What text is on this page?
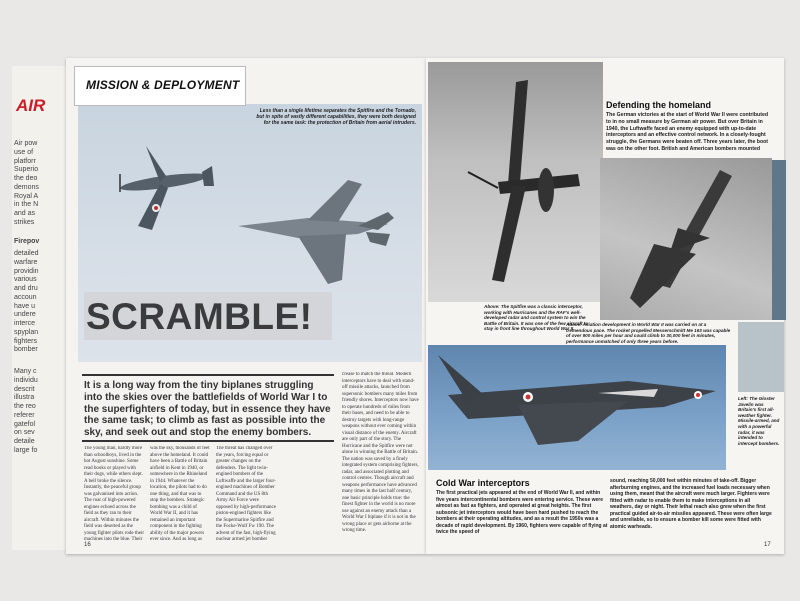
AIR
Air pow
use of
platforr
Superio
the deo
demons
Royal A
in the N
and as
strikes
Firepov
detailed
warfare
providin
various
and dru
accoun
have u
undere
interce
spyplan
fighters
bomber
Many c
individu
descrit
illustra
the reo
referer
gatefol
on sev
detaile
large fo
Less than a single lifetime separates the Spitfire and the Tornado, but in spite of vastly different capabilities, they were both designed for the same task: the protection of Britain from aerial intruders.
MISSION & DEPLOYMENT
SCRAMBLE!
It is a long way from the tiny biplanes struggling into the skies over the battlefields of World War I to the superfighters of today, but in essence they have the same task; to climb as fast as possible into the sky, and seek out and stop the enemy bombers.
The young man, hardly more than schoolboys, lived in the hot August sunshine. Some read books or played with their dogs, while others slept. A bell broke the silence. Instantly, the peaceful group was galvanised into action. The roar of high-powered engines echoed across the field as they ran to their aircraft. Within minutes the field was deserted as the young fighter pilots rode their machines into the blue. Their
was the sky, thousands of feet above the homeland. It could have been a Battle of Britain airfield in Kent in 1940, or somewhere in the Rhineland in 1944. Whatever the location, the pilots had to do one thing, and that was to stop the bombers. Strategic bombing was a child of World War II, and it has remained an important component in the fighting ability of the major powers ever since. And as long as
The threat has changed over the years, forcing equal or greater changes on the defenders. The light twin-engined bombers of the Luftwaffe and the larger four-engined machines of Bomber Command and the US 8th Army Air Force were opposed by high-performance piston-engined fighters like the Supermarine Spitfire and the Focke-Wulf Fw 190. The advent of the fast, high-flying nuclear armed jet bomber
crease to match the threat. Modern interceptors have to deal with stand-off missile attacks, launched from supersonic bombers many miles from friendly shores. Interceptors now have to operate hundreds of miles from their bases, and need to be able to destroy targets with long-range weapons without ever coming within visual distance of the enemy. Aircraft are only part of the story. The Hurricane and the Spitfire were not alone in winning the Battle of Britain. The nation was saved by a finely integrated system comprising fighters, radar, and associated plotting and control centres. Though aircraft and weapons performance have advanced many times in the last half century, one basic principle holds true: the finest fighter in the world is no more use against an enemy attack than a World War I biplane if it is not in the wrong place or gets airborne at the wrong time.
16
Above: The Spitfire was a classic interceptor, working with Hurricanes and the RAF's well-developed radar and control system to win the Battle of Britain. It was one of the few aircraft to stay in front line throughout World War II.
Defending the homeland
The German victories at the start of World War II were contributed to in no small measure by German air power. But over Britain in 1940, the Luftwaffe faced an enemy equipped with up-to-date interceptors and an effective control network. In a closely-fought struggle, the Germans were beaten off. Three years later, the boot was on the other foot. British and American bombers mounted
Above: Aviation development in World War II was carried on at a tremendous pace. The rocket propelled Messerschmitt Me 163 was capable of over 900 miles per hour and could climb to 30,000 feet in minutes, performance unmatched of only three years before.
Left: The Gloster Javelin was Britain's first all-weather fighter. Missile-armed, and with a powerful radar, it was intended to intercept bombers.
Cold War interceptors
The first practical jets appeared at the end of World War II, and within five years intercontinental bombers were entering service. These were almost as fast as fighters, and operated at great heights. The first subsonic jet interceptors would have been hard pushed to reach the bombers at their operating altitudes, and as a result the 1950s was a decade of rapid development. By 1960, fighters were capable of flying at twice the speed of
sound, reaching 50,000 feet within minutes of take-off. Bigger afterburning engines, and the increased fuel loads necessary when using them, meant that the aircraft were much larger. Fighters were fitted with radar to enable them to make interceptions in all weathers, day or night. Their lethal reach also grew when the first practical guided air-to-air missiles appeared. These were often large and unreliable, so to ensure a bomber kill some were fitted with atomic warheads.
17
